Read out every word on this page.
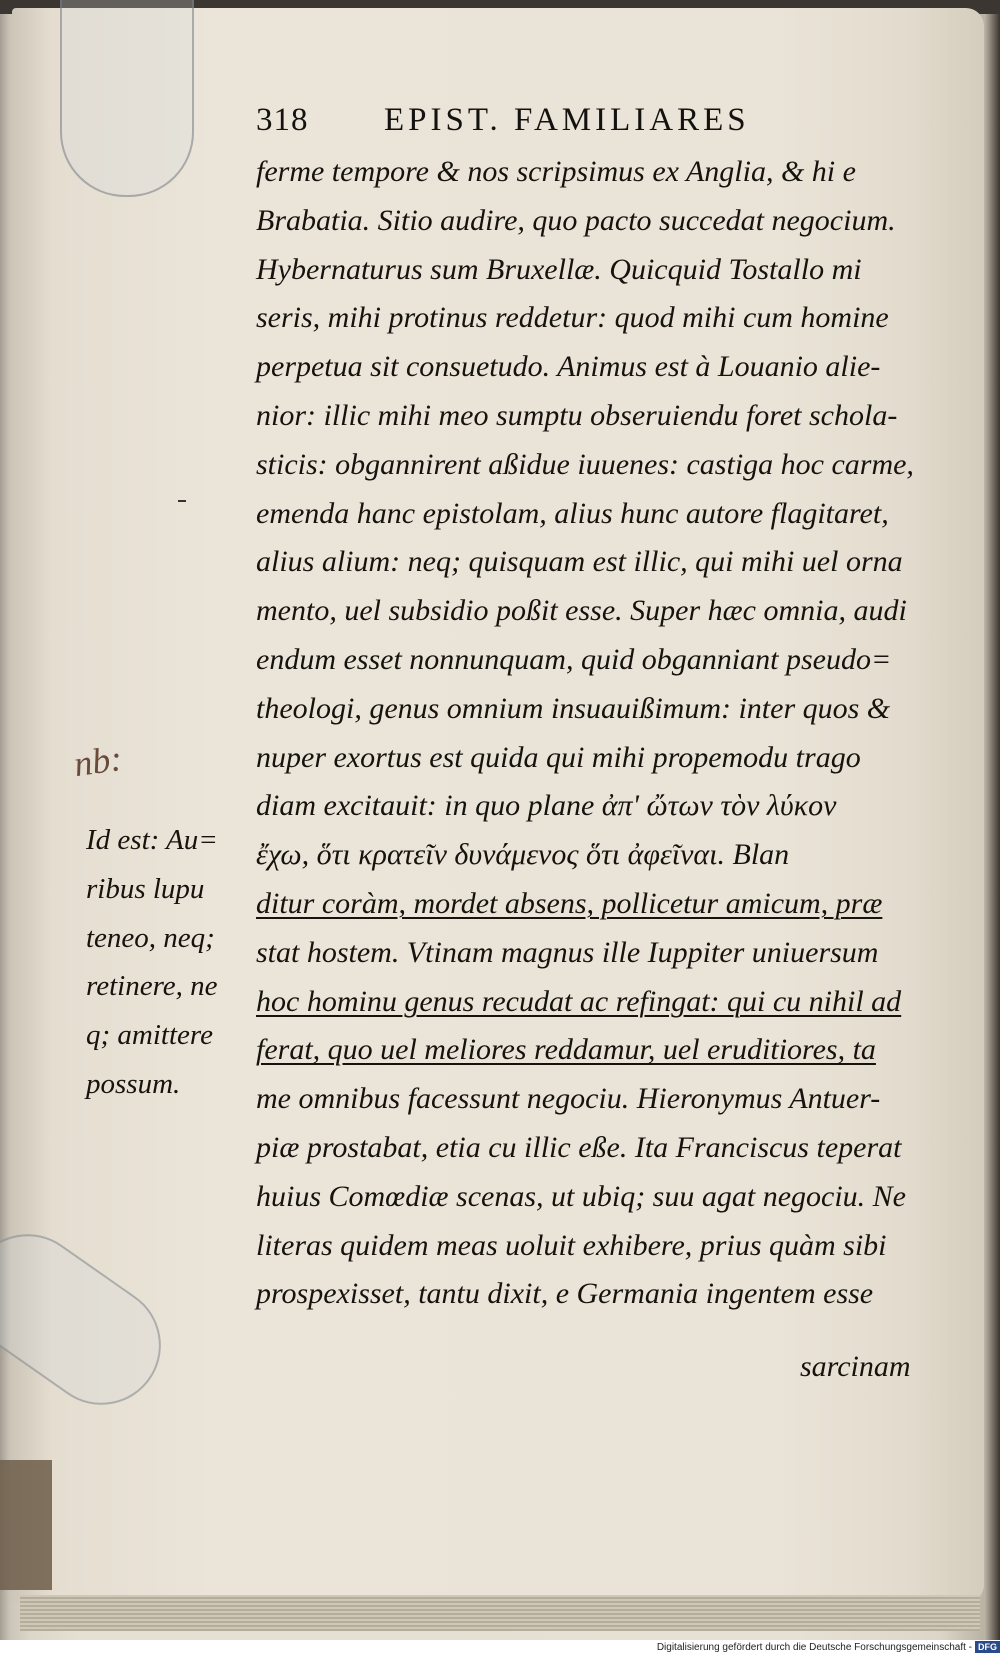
318 EPIST. FAMILIARES
nb:
Id est: Au=
ribus lupu
teneo, neq;
retinere, ne
q; amittere
possum.
ferme tempore & nos scripsimus ex Anglia, & hi e
Brabatia. Sitio audire, quo pacto succedat negocium.
Hybernaturus sum Bruxellæ. Quicquid Tostallo mi
seris, mihi protinus reddetur: quod mihi cum homine
perpetua sit consuetudo. Animus est à Louanio alie-
nior: illic mihi meo sumptu obseruiendu foret schola-
sticis: obgannirent aßidue iuuenes: castiga hoc carme,
emenda hanc epistolam, alius hunc autore flagitaret,
alius alium: neq; quisquam est illic, qui mihi uel orna
mento, uel subsidio poßit esse. Super hæc omnia, audi
endum esset nonnunquam, quid obganniant pseudo=
theologi, genus omnium insuauißimum: inter quos &
nuper exortus est quida qui mihi propemodu trago
diam excitauit: in quo plane ἀπ' ὤτων τὸν λύκον
ἔχω, ὅτι κρατεῖν δυνάμενος ὅτι ἀφεῖναι. Blan
ditur coràm, mordet absens, pollicetur amicum, præ
stat hostem. Vtinam magnus ille Iuppiter uniuersum
hoc hominu genus recudat ac refingat: qui cu nihil ad
ferat, quo uel meliores reddamur, uel eruditiores, ta
me omnibus facessunt negociu. Hieronymus Antuer-
piæ prostabat, etia cu illic eße. Ita Franciscus teperat
huius Comœdiæ scenas, ut ubiq; suu agat negociu. Ne
literas quidem meas uoluit exhibere, prius quàm sibi
prospexisset, tantu dixit, e Germania ingentem esse
sarcinam
Digitalisierung gefördert durch die Deutsche Forschungsgemeinschaft - DFG
